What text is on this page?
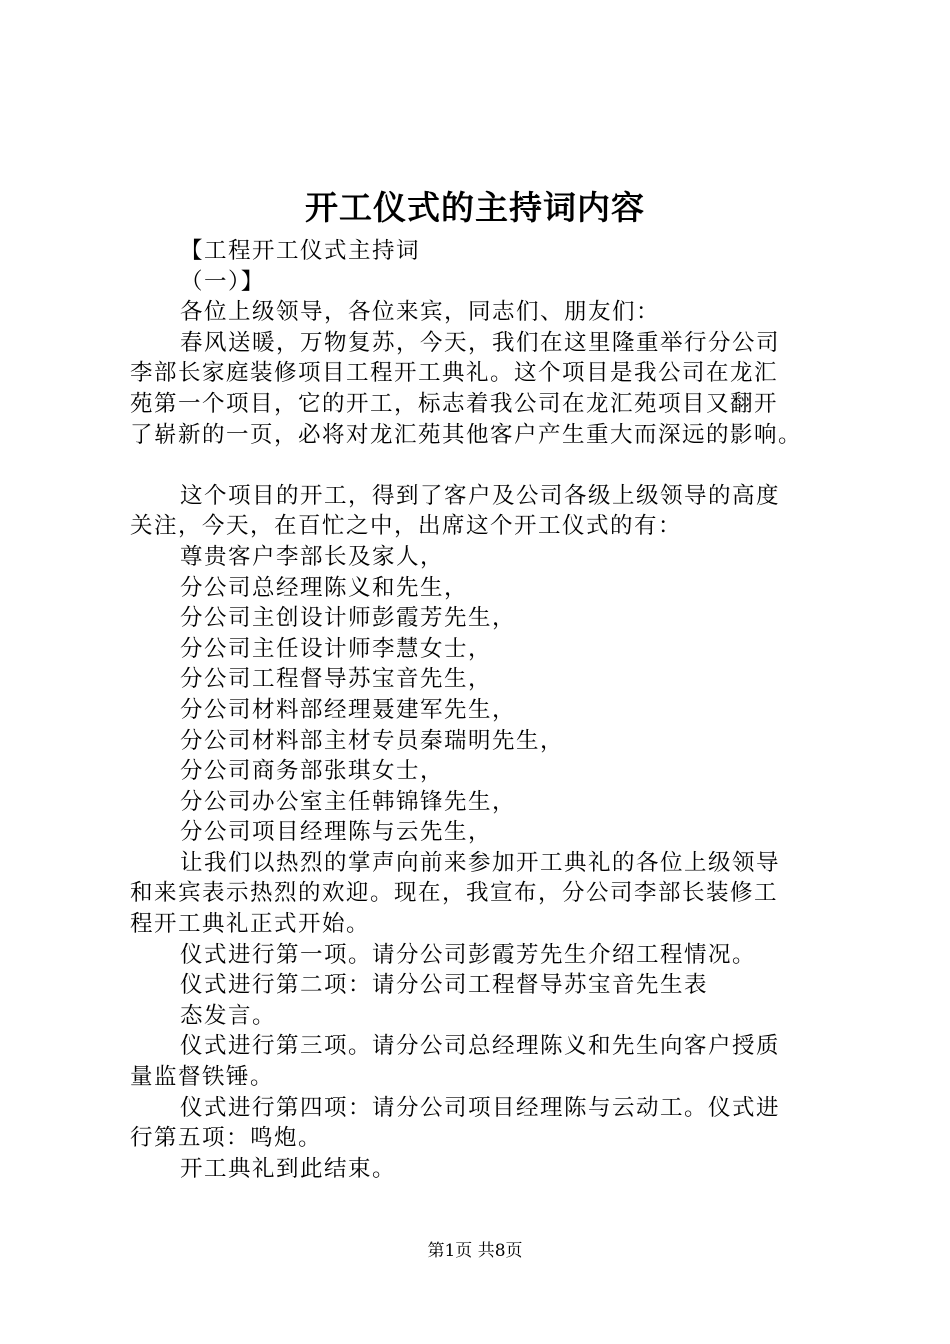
开工仪式的主持词内容

【工程开工仪式主持词

（一）】

各位上级领导，各位来宾，同志们、朋友们：

春风送暖，万物复苏，今天，我们在这里隆重举行分公司

李部长家庭装修项目工程开工典礼。这个项目是我公司在龙汇

苑第一个项目，它的开工，标志着我公司在龙汇苑项目又翻开

了崭新的一页，必将对龙汇苑其他客户产生重大而深远的影响。

这个项目的开工，得到了客户及公司各级上级领导的高度

关注，今天，在百忙之中，出席这个开工仪式的有：

尊贵客户李部长及家人，

分公司总经理陈义和先生，

分公司主创设计师彭霞芳先生，

分公司主任设计师李慧女士，

分公司工程督导苏宝音先生，

分公司材料部经理聂建军先生，

分公司材料部主材专员秦瑞明先生，

分公司商务部张琪女士，

分公司办公室主任韩锦锋先生，

分公司项目经理陈与云先生，

让我们以热烈的掌声向前来参加开工典礼的各位上级领导

和来宾表示热烈的欢迎。现在，我宣布，分公司李部长装修工

程开工典礼正式开始。

仪式进行第一项。请分公司彭霞芳先生介绍工程情况。

仪式进行第二项：请分公司工程督导苏宝音先生表

态发言。

仪式进行第三项。请分公司总经理陈义和先生向客户授质

量监督铁锤。

仪式进行第四项：请分公司项目经理陈与云动工。仪式进

行第五项：鸣炮。

开工典礼到此结束。

第1页 共8页
